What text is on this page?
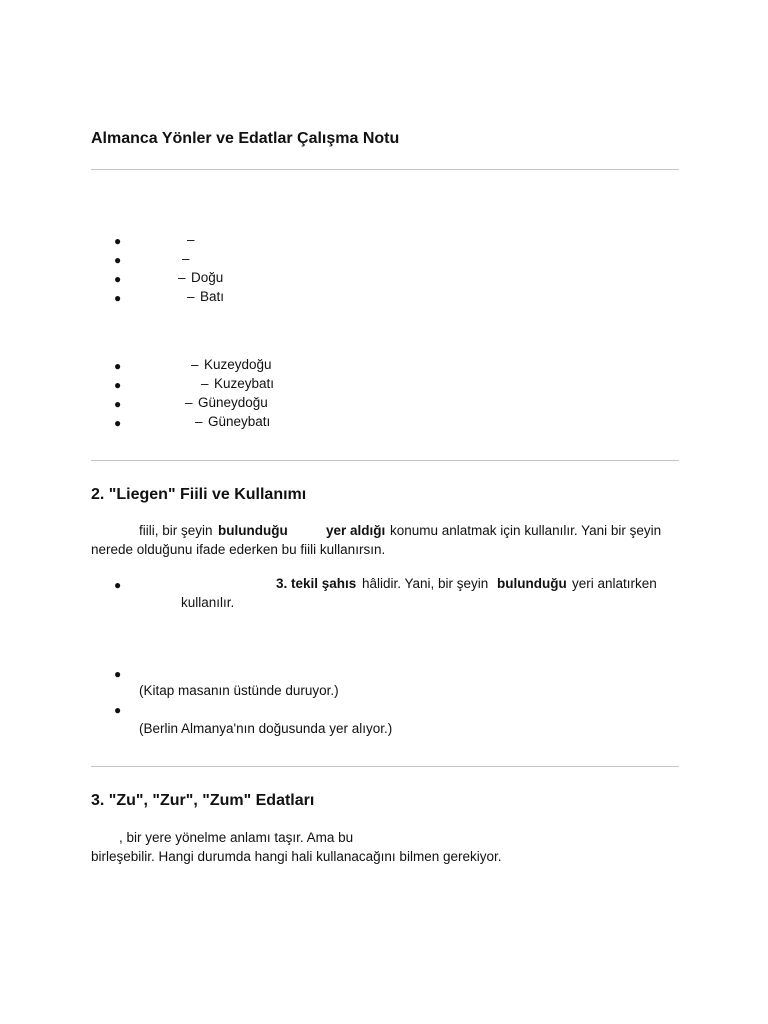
Almanca Yönler ve Edatlar Çalışma Notu
●	–
●	–
●	– Doğu
●	– Batı
●	– Kuzeydoğu
●	– Kuzeybatı
●	– Güneydoğu
●	– Güneybatı
2. "Liegen" Fiili ve Kullanımı
fiili, bir şeyin bulunduğu	yer aldığı konumu anlatmak için kullanılır. Yani bir şeyin
nerede olduğunu ifade ederken bu fiili kullanırsın.
●	3. tekil şahıs hâlidir. Yani, bir şeyin bulunduğu yeri anlatırken
kullanılır.
●
(Kitap masanın üstünde duruyor.)
●
(Berlin Almanya'nın doğusunda yer alıyor.)
3. "Zu", "Zur", "Zum" Edatları
, bir yere yönelme anlamı taşır. Ama bu
birleşebilir. Hangi durumda hangi hali kullanacağını bilmen gerekiyor.
